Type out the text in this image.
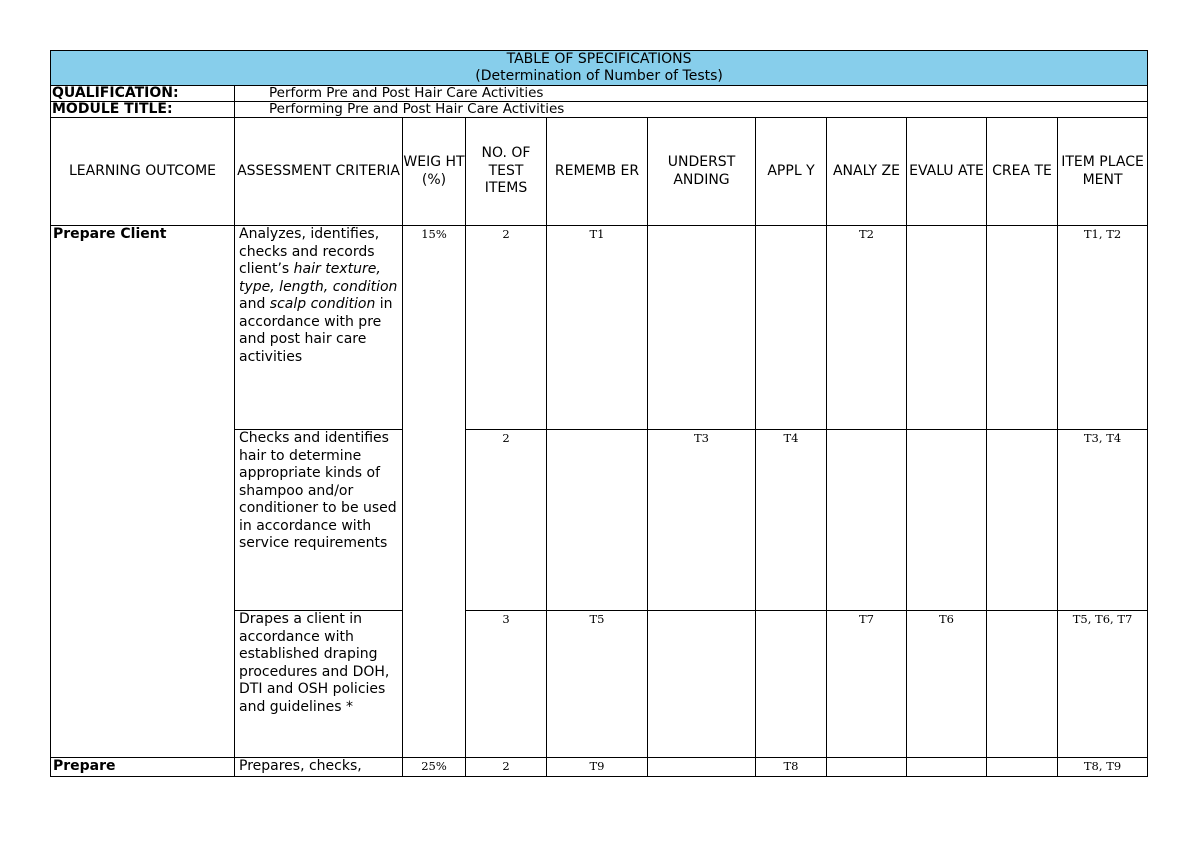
TABLE OF SPECIFICATIONS
(Determination of Number of Tests)										

QUALIFICATION:	Perform Pre and Post Hair Care Activities									
MODULE TITLE:	Performing Pre and Post Hair Care Activities									
LEARNING OUTCOME	ASSESSMENT CRITERIA	WEIG HT (%)	NO. OF TEST ITEMS	REMEMB ER	UNDERST ANDING	APPL Y	ANALY ZE	EVALU ATE	CREA TE	ITEM PLACE MENT
Prepare Client	Analyzes, identifies, checks and records client’s hair texture, type, length, condition and scalp condition in accordance with pre and post hair care activities	15%	2	T1			T2			T1, T2
	Checks and identifies hair to determine appropriate kinds of shampoo and/or conditioner to be used in accordance with service requirements		2		T3	T4				T3, T4
	Drapes a client in accordance with established draping procedures and DOH, DTI and OSH policies and guidelines *		3	T5			T7	T6		T5, T6, T7
Prepare	Prepares, checks,	25%	2	T9		T8				T8, T9
